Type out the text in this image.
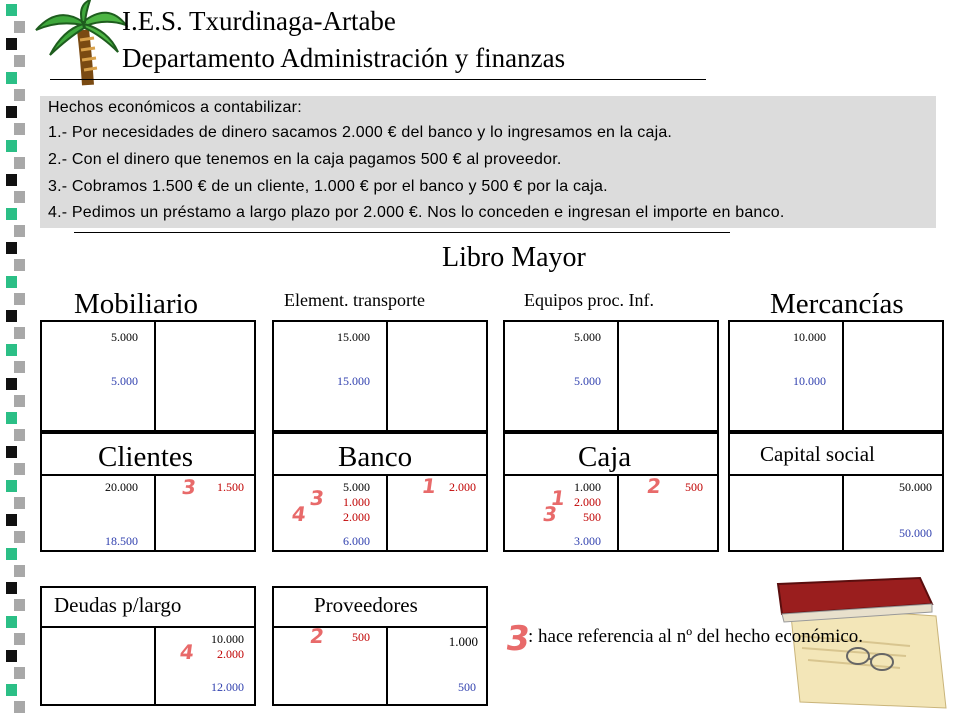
I.E.S. Txurdinaga-Artabe
Departamento Administración y finanzas
Hechos económicos a contabilizar:
1.- Por necesidades de dinero sacamos 2.000 € del banco y lo ingresamos en la caja.
2.- Con el dinero que tenemos en la caja pagamos 500 € al proveedor.
3.- Cobramos 1.500 € de un cliente, 1.000 € por el banco y 500 € por la caja.
4.- Pedimos un préstamo a largo plazo por 2.000 €. Nos lo conceden e ingresan el importe en banco.
Libro Mayor
Mobiliario
5.000
5.000
Element. transporte
15.000
15.000
Equipos proc. Inf.
5.000
5.000
Mercancías
10.000
10.000
Clientes
20.000 3 1.500
18.500
Banco
5.000
3 1.000
4	2.000
1 2.000
6.000
Caja
1.000
1 2.000
3 500
2 500
3.000
Capital social
50.000
50.000
Deudas p/largo
10.000
4 2.000
12.000
Proveedores
2 500	1.000
500
3
: hace referencia al nº del hecho económico.
